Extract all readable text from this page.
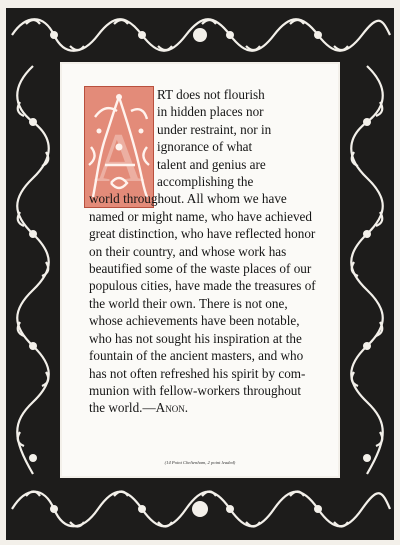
A
RT does not flourish
in hidden places nor
under restraint, nor in
ignorance of what
talent and genius are
accomplishing the
world throughout. All whom we have
named or might name, who have achieved
great distinction, who have reflected honor
on their country, and whose work has
beautified some of the waste places of our
populous cities, have made the treasures of
the world their own. There is not one,
whose achievements have been notable,
who has not sought his inspiration at the
fountain of the ancient masters, and who
has not often refreshed his spirit by com-
munion with fellow-workers throughout
the world.—Anon.
(14 Point Cheltenham, 2 point leaded)
